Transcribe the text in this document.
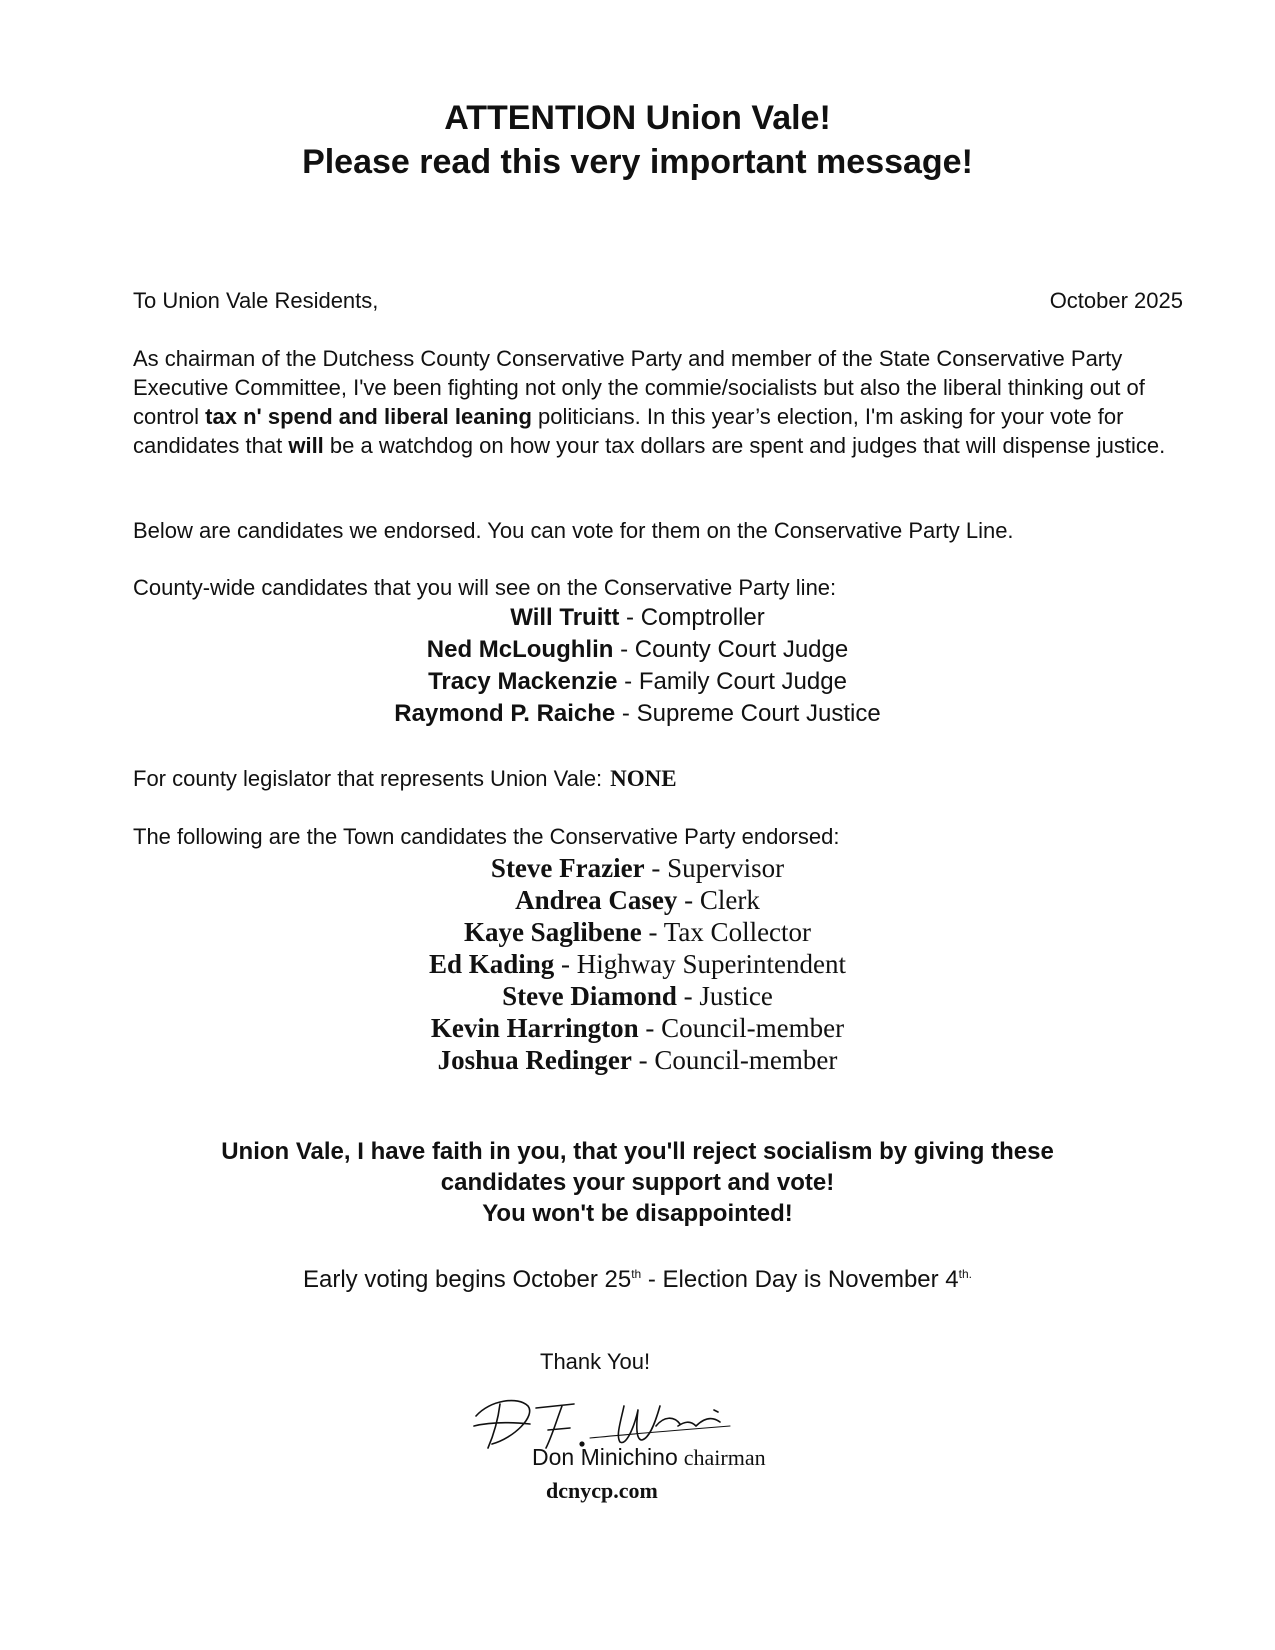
ATTENTION Union Vale!
Please read this very important message!
To Union Vale Residents,	October 2025
As chairman of the Dutchess County Conservative Party and member of the State Conservative Party Executive Committee, I've been fighting not only the commie/socialists but also the liberal thinking out of control tax n' spend and liberal leaning politicians. In this year’s election, I'm asking for your vote for candidates that will be a watchdog on how your tax dollars are spent and judges that will dispense justice.
Below are candidates we endorsed. You can vote for them on the Conservative Party Line.
County-wide candidates that you will see on the Conservative Party line:
Will Truitt - Comptroller
Ned McLoughlin - County Court Judge
Tracy Mackenzie - Family Court Judge
Raymond P. Raiche - Supreme Court Justice
For county legislator that represents Union Vale: NONE
The following are the Town candidates the Conservative Party endorsed:
Steve Frazier - Supervisor
Andrea Casey - Clerk
Kaye Saglibene - Tax Collector
Ed Kading - Highway Superintendent
Steve Diamond - Justice
Kevin Harrington - Council-member
Joshua Redinger - Council-member
Union Vale, I have faith in you, that you'll reject socialism by giving these
candidates your support and vote!
You won't be disappointed!
Early voting begins October 25th - Election Day is November $4^{th.}$
Thank You!
Don Minichino chairman
dcnycp.com
